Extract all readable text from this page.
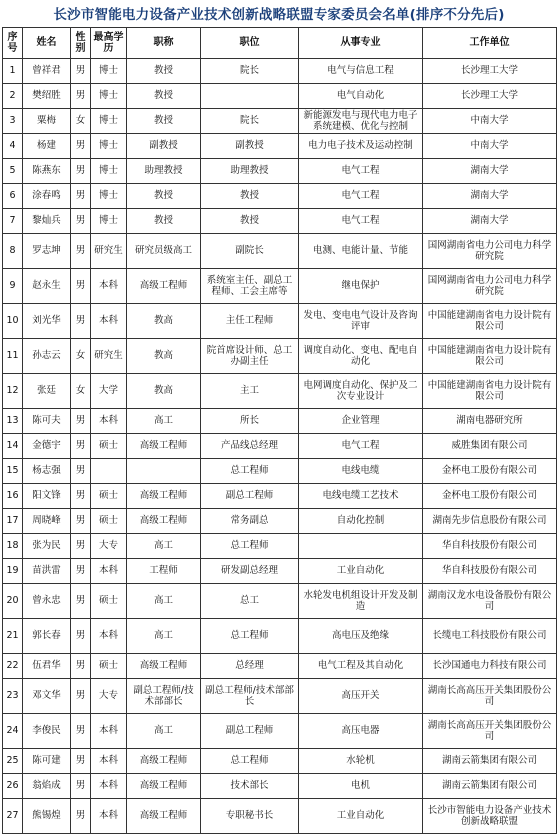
长沙市智能电力设备产业技术创新战略联盟专家委员会名单(排序不分先后)
序号	姓名	性别	最高学历	职称	职位	从事专业	工作单位
1	曾祥君	男	博士	教授	院长	电气与信息工程	长沙理工大学
2	樊绍胜	男	博士	教授		电气自动化	长沙理工大学
3	粟梅	女	博士	教授	院长	新能源发电与现代电力电子系统建模、优化与控制	中南大学
4	杨建	男	博士	副教授	副教授	电力电子技术及运动控制	中南大学
5	陈燕东	男	博士	助理教授	助理教授	电气工程	湖南大学
6	涂春鸣	男	博士	教授	教授	电气工程	湖南大学
7	黎灿兵	男	博士	教授	教授	电气工程	湖南大学
8	罗志坤	男	研究生	研究员级高工	副院长	电测、电能计量、节能	国网湖南省电力公司电力科学研究院
9	赵永生	男	本科	高级工程师	系统室主任、副总工程师、工会主席等	继电保护	国网湖南省电力公司电力科学研究院
10	刘光华	男	本科	教高	主任工程师	发电、变电电气设计及咨询评审	中国能建湖南省电力设计院有限公司
11	孙志云	女	研究生	教高	院首席设计师、总工办副主任	调度自动化、变电、配电自动化	中国能建湖南省电力设计院有限公司
12	张廷	女	大学	教高	主工	电网调度自动化、保护及二次专业设计	中国能建湖南省电力设计院有限公司
13	陈可夫	男	本科	高工	所长	企业管理	湖南电器研究所
14	金德宇	男	硕士	高级工程师	产品线总经理	电气工程	威胜集团有限公司
15	杨志强	男			总工程师	电线电缆	金杯电工股份有限公司
16	阳文锋	男	硕士	高级工程师	副总工程师	电线电缆工艺技术	金杯电工股份有限公司
17	周晓峰	男	硕士	高级工程师	常务副总	自动化控制	湖南先步信息股份有限公司
18	张为民	男	大专	高工	总工程师		华自科技股份有限公司
19	苗洪雷	男	本科	工程师	研发副总经理	工业自动化	华自科技股份有限公司
20	曾永忠	男	硕士	高工	总工	水轮发电机组设计开发及制造	湖南汉龙水电设备股份有限公司
21	郭长春	男	本科	高工	总工程师	高电压及绝缘	长缆电工科技股份有限公司
22	伍君华	男	硕士	高级工程师	总经理	电气工程及其自动化	长沙国通电力科技有限公司
23	邓文华	男	大专	副总工程师/技术部部长	副总工程师/技术部部长	高压开关	湖南长高高压开关集团股份公司
24	李俊民	男	本科	高工	副总工程师	高压电器	湖南长高高压开关集团股份公司
25	陈可建	男	本科	高级工程师	总工程师	水轮机	湖南云箭集团有限公司
26	翁焰成	男	本科	高级工程师	技术部长	电机	湖南云箭集团有限公司
27	熊锡煌	男	本科	高级工程师	专职秘书长	工业自动化	长沙市智能电力设备产业技术创新战略联盟
